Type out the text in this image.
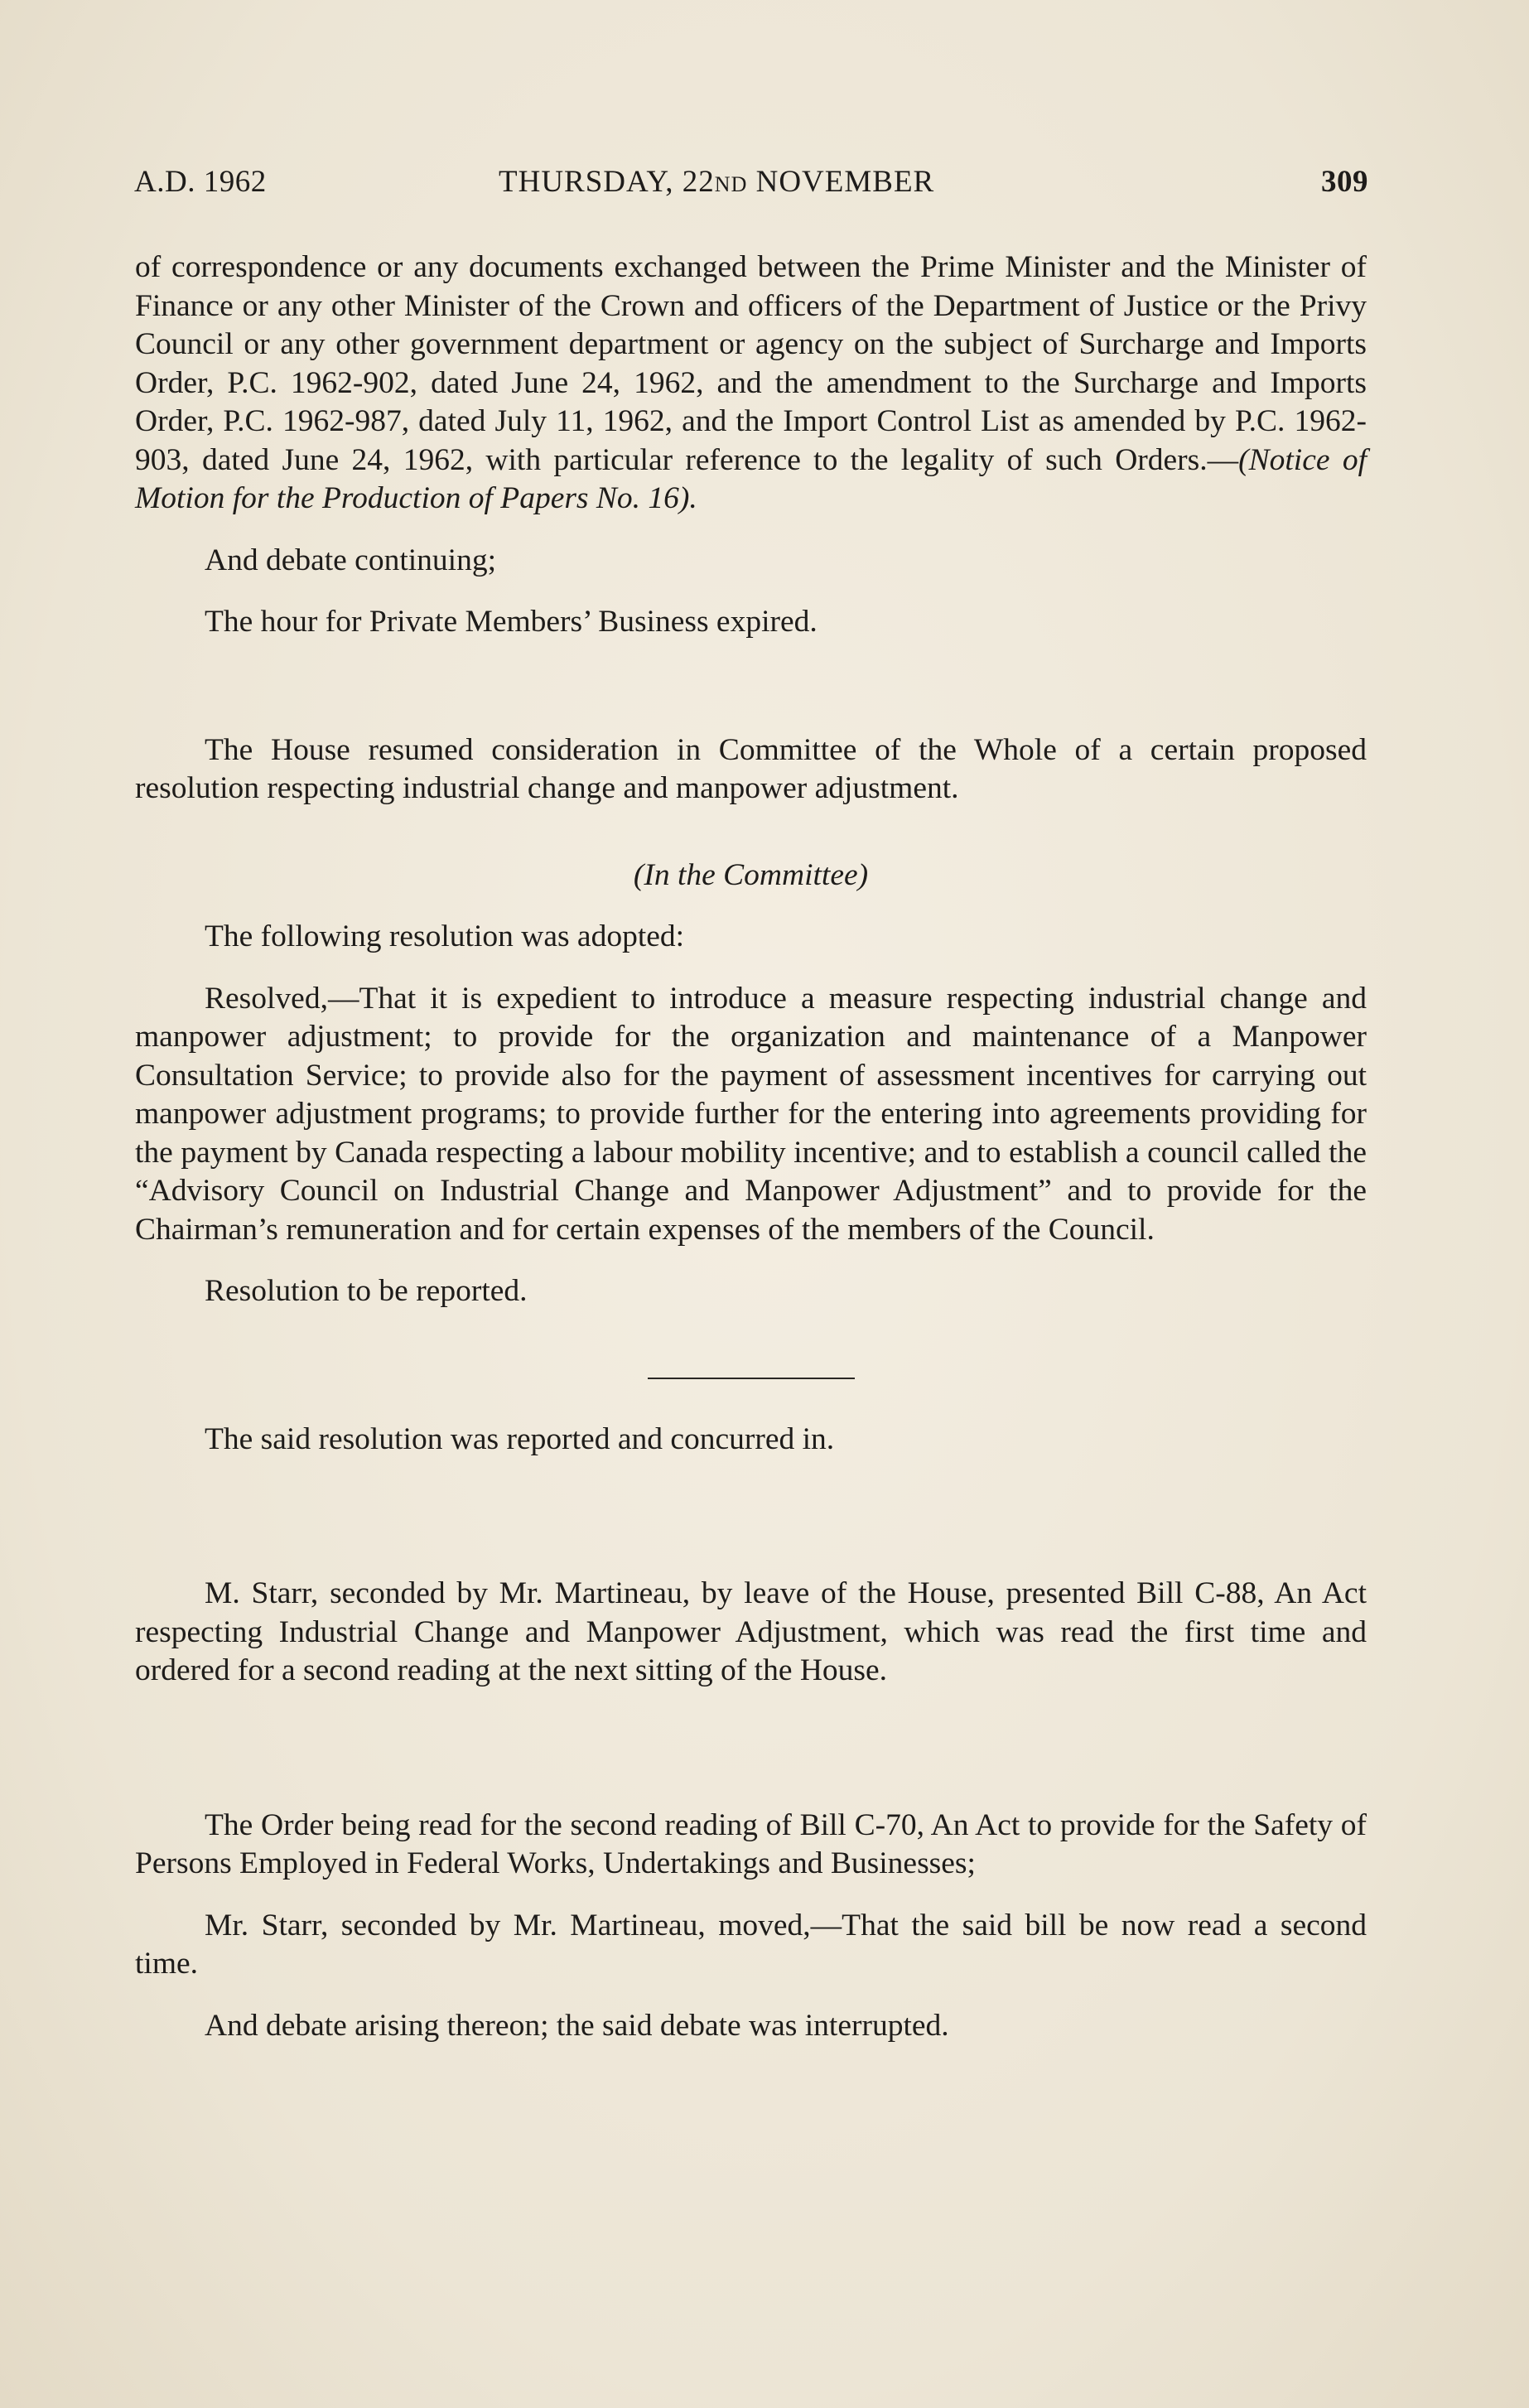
A.D. 1962	THURSDAY, 22ND NOVEMBER	309

of correspondence or any documents exchanged between the Prime Minister and the Minister of Finance or any other Minister of the Crown and officers of the Department of Justice or the Privy Council or any other government department or agency on the subject of Surcharge and Imports Order, P.C. 1962-902, dated June 24, 1962, and the amendment to the Surcharge and Imports Order, P.C. 1962-987, dated July 11, 1962, and the Import Control List as amended by P.C. 1962-903, dated June 24, 1962, with particular reference to the legality of such Orders.—(Notice of Motion for the Production of Papers No. 16).

And debate continuing;

The hour for Private Members’ Business expired.

The House resumed consideration in Committee of the Whole of a certain proposed resolution respecting industrial change and manpower adjustment.

(In the Committee)

The following resolution was adopted:

Resolved,—That it is expedient to introduce a measure respecting industrial change and manpower adjustment; to provide for the organization and maintenance of a Manpower Consultation Service; to provide also for the payment of assessment incentives for carrying out manpower adjustment programs; to provide further for the entering into agreements providing for the payment by Canada respecting a labour mobility incentive; and to establish a council called the “Advisory Council on Industrial Change and Manpower Adjustment” and to provide for the Chairman’s remuneration and for certain expenses of the members of the Council.

Resolution to be reported.

The said resolution was reported and concurred in.

M. Starr, seconded by Mr. Martineau, by leave of the House, presented Bill C-88, An Act respecting Industrial Change and Manpower Adjustment, which was read the first time and ordered for a second reading at the next sitting of the House.

The Order being read for the second reading of Bill C-70, An Act to provide for the Safety of Persons Employed in Federal Works, Undertakings and Businesses;

Mr. Starr, seconded by Mr. Martineau, moved,—That the said bill be now read a second time.

And debate arising thereon; the said debate was interrupted.
